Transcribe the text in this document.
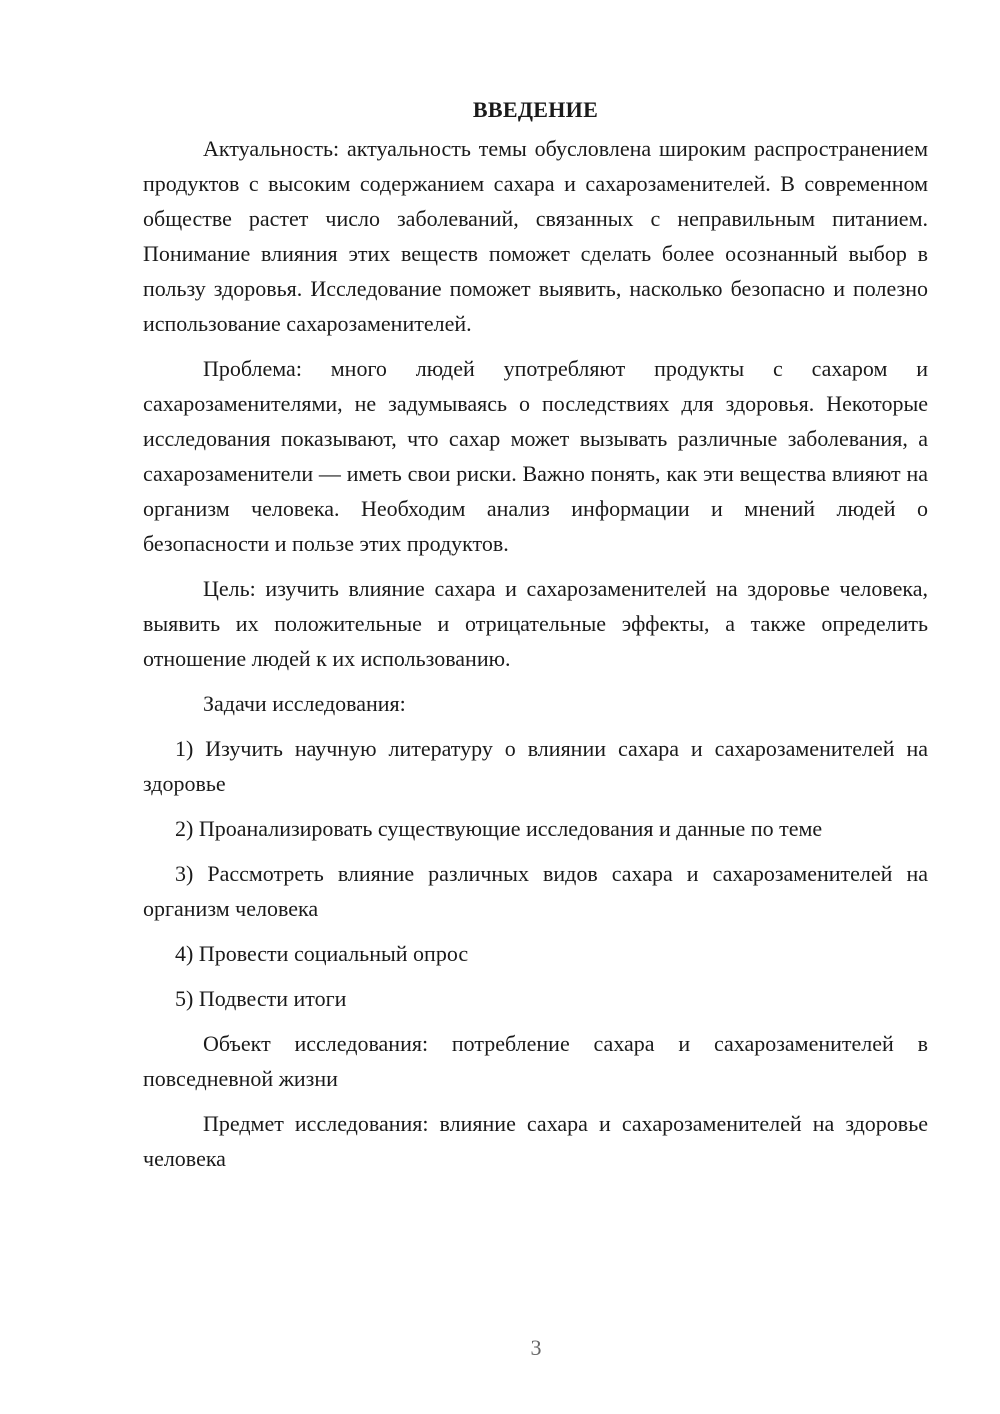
ВВЕДЕНИЕ

Актуальность: актуальность темы обусловлена широким распространением продуктов с высоким содержанием сахара и сахарозаменителей. В современном обществе растет число заболеваний, связанных с неправильным питанием. Понимание влияния этих веществ поможет сделать более осознанный выбор в пользу здоровья. Исследование поможет выявить, насколько безопасно и полезно использование сахарозаменителей.

Проблема: много людей употребляют продукты с сахаром и сахарозаменителями, не задумываясь о последствиях для здоровья. Некоторые исследования показывают, что сахар может вызывать различные заболевания, а сахарозаменители — иметь свои риски. Важно понять, как эти вещества влияют на организм человека. Необходим анализ информации и мнений людей о безопасности и пользе этих продуктов.

Цель: изучить влияние сахара и сахарозаменителей на здоровье человека, выявить их положительные и отрицательные эффекты, а также определить отношение людей к их использованию.

Задачи исследования:

1) Изучить научную литературу о влиянии сахара и сахарозаменителей на здоровье

2) Проанализировать существующие исследования и данные по теме

3) Рассмотреть влияние различных видов сахара и сахарозаменителей на организм человека

4) Провести социальный опрос

5) Подвести итоги

Объект исследования: потребление сахара и сахарозаменителей в повседневной жизни

Предмет исследования: влияние сахара и сахарозаменителей на здоровье человека

3
